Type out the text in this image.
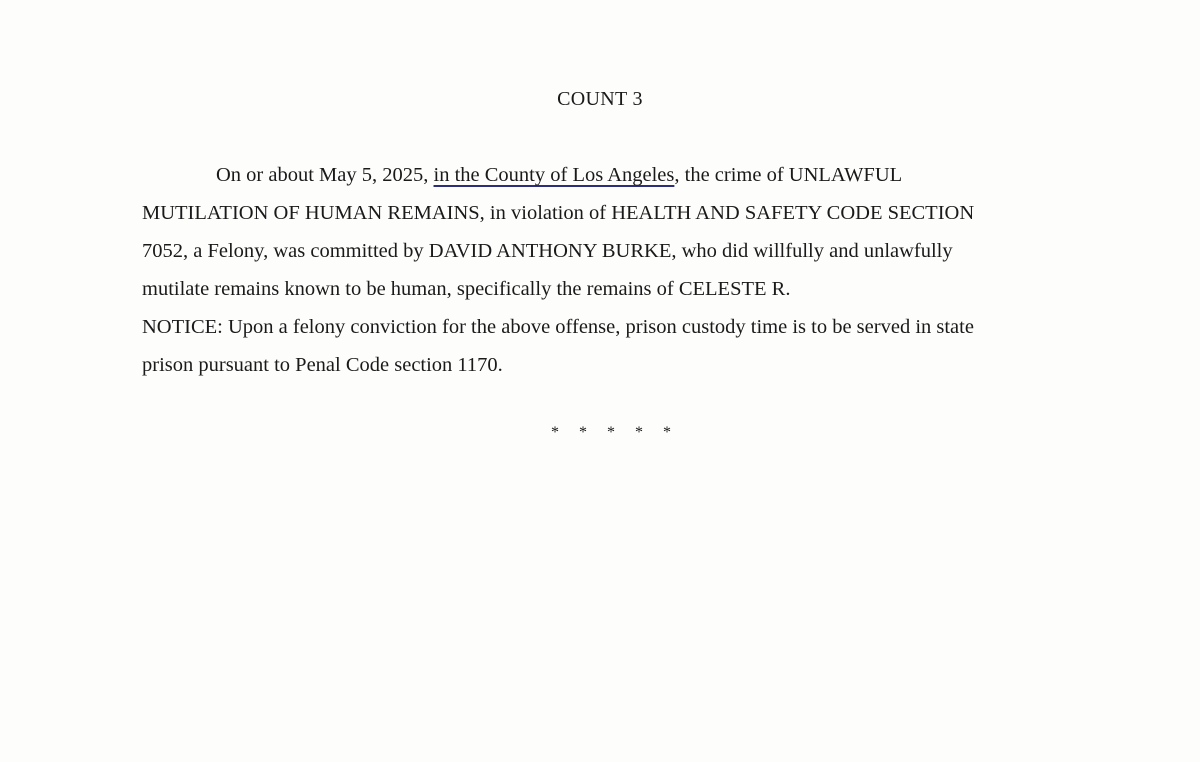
COUNT 3
On or about May 5, 2025, in the County of Los Angeles, the crime of UNLAWFUL
MUTILATION OF HUMAN REMAINS, in violation of HEALTH AND SAFETY CODE SECTION
7052, a Felony, was committed by DAVID ANTHONY BURKE, who did willfully and unlawfully
mutilate remains known to be human, specifically the remains of CELESTE R.
NOTICE: Upon a felony conviction for the above offense, prison custody time is to be served in state
prison pursuant to Penal Code section 1170.
* * * * *
